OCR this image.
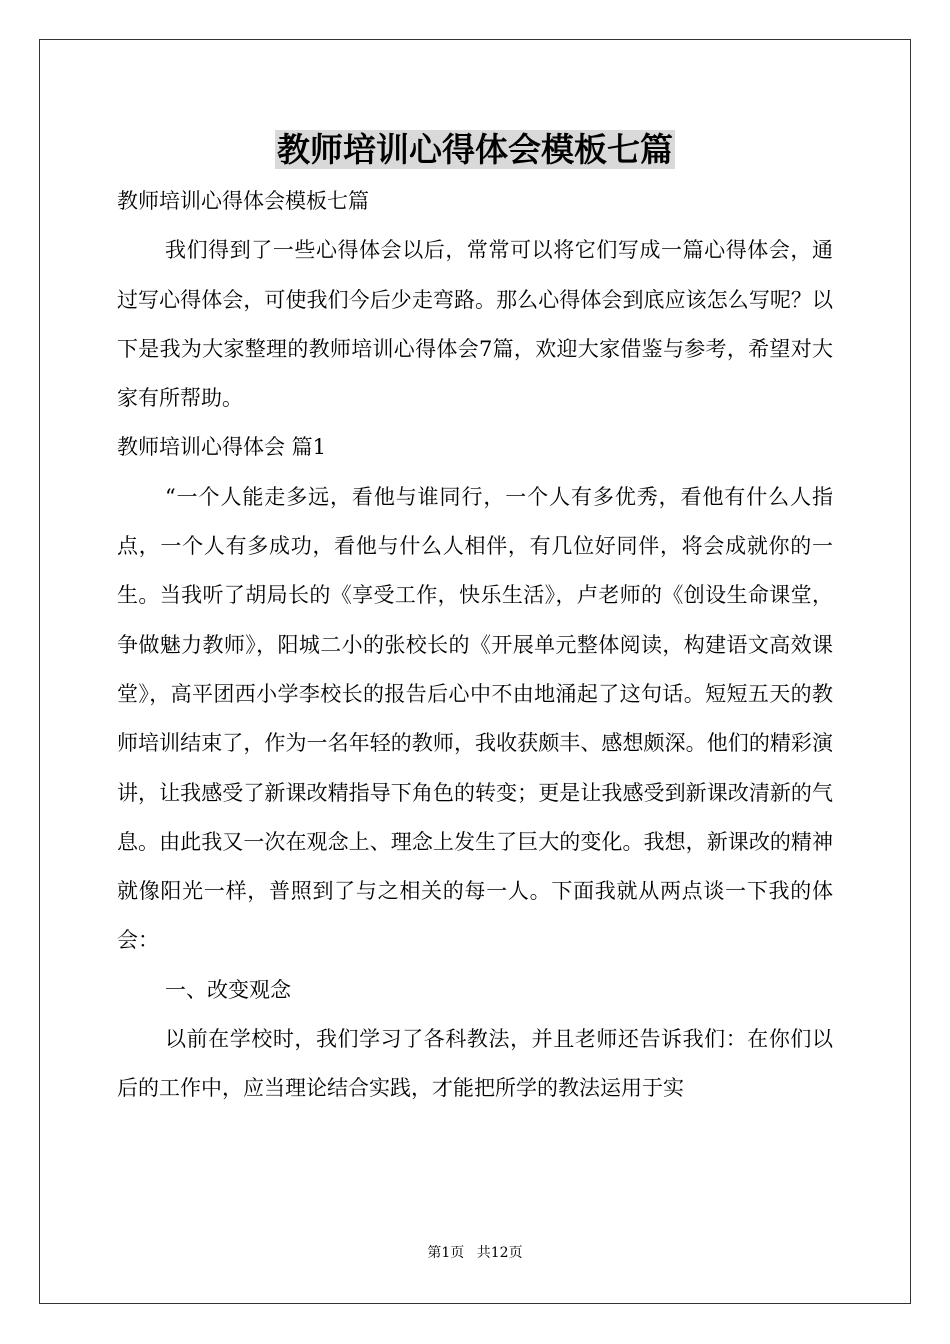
教师培训心得体会模板七篇

教师培训心得体会模板七篇

我们得到了一些心得体会以后，常常可以将它们写成一篇心得体会，通过写心得体会，可使我们今后少走弯路。那么心得体会到底应该怎么写呢？以下是我为大家整理的教师培训心得体会7篇，欢迎大家借鉴与参考，希望对大家有所帮助。

教师培训心得体会 篇1

“一个人能走多远，看他与谁同行，一个人有多优秀，看他有什么人指点，一个人有多成功，看他与什么人相伴，有几位好同伴，将会成就你的一生。当我听了胡局长的《享受工作，快乐生活》，卢老师的《创设生命课堂，争做魅力教师》，阳城二小的张校长的《开展单元整体阅读，构建语文高效课堂》，高平团西小学李校长的报告后心中不由地涌起了这句话。短短五天的教师培训结束了，作为一名年轻的教师，我收获颇丰、感想颇深。他们的精彩演讲，让我感受了新课改精指导下角色的转变；更是让我感受到新课改清新的气息。由此我又一次在观念上、理念上发生了巨大的变化。我想，新课改的精神就像阳光一样，普照到了与之相关的每一人。下面我就从两点谈一下我的体会：

一、改变观念

以前在学校时，我们学习了各科教法，并且老师还告诉我们：在你们以后的工作中，应当理论结合实践，才能把所学的教法运用于实

第1页 共12页
